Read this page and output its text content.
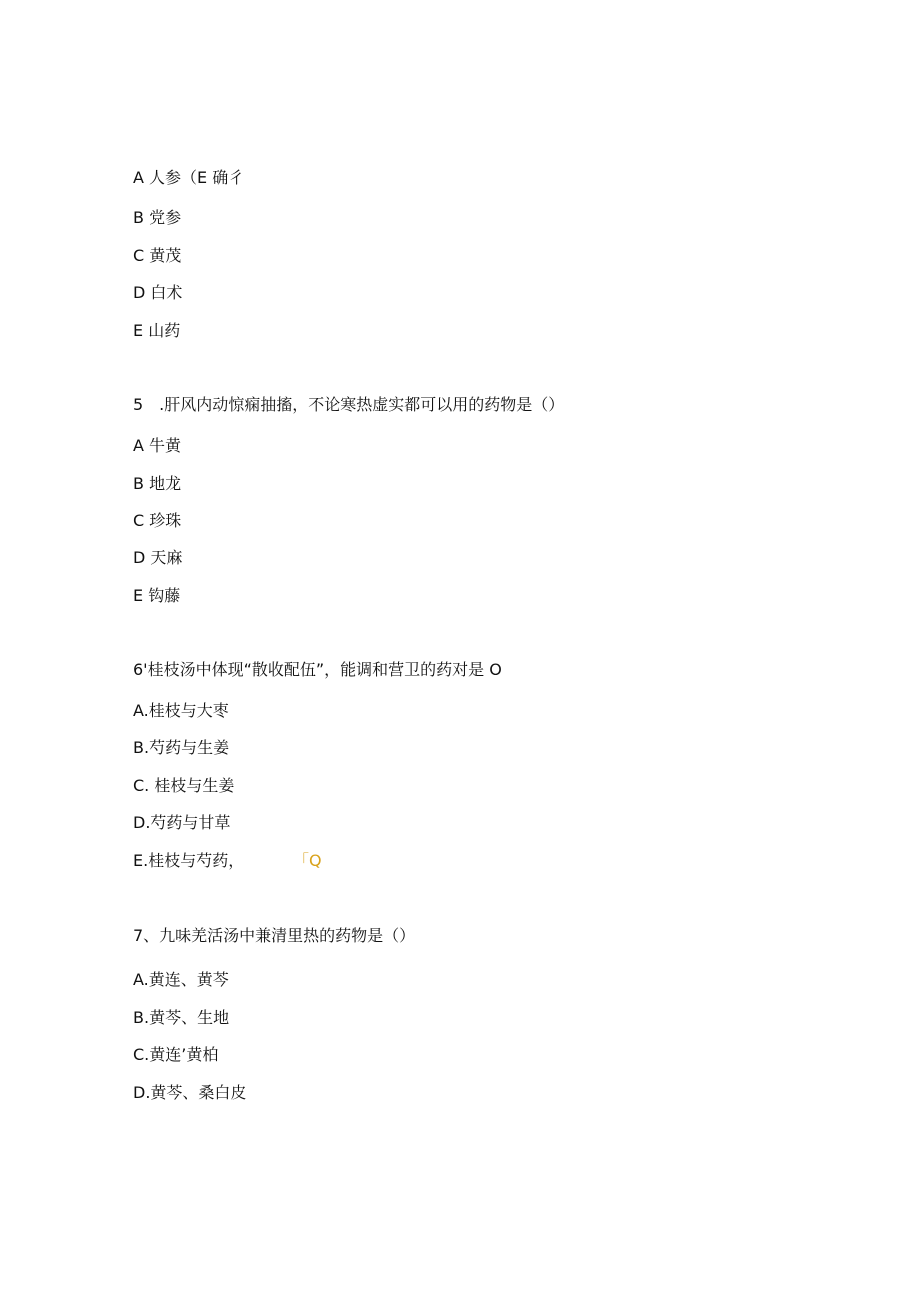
A 人参（E 确彳

B 党参

C 黄茂

D 白术

E 山药

5　.肝风内动惊痫抽搐，不论寒热虚实都可以用的药物是（）

A 牛黄

B 地龙

C 珍珠

D 天麻

E 钩藤

6'桂枝汤中体现“散收配伍”，能调和营卫的药对是 O

A.桂枝与大枣

B.芍药与生姜

C. 桂枝与生姜

D.芍药与甘草

E.桂枝与芍药，	「Q

7、九味羌活汤中兼清里热的药物是（）

A.黄连、黄芩

B.黄芩、生地

C.黄连’黄柏

D.黄芩、桑白皮
